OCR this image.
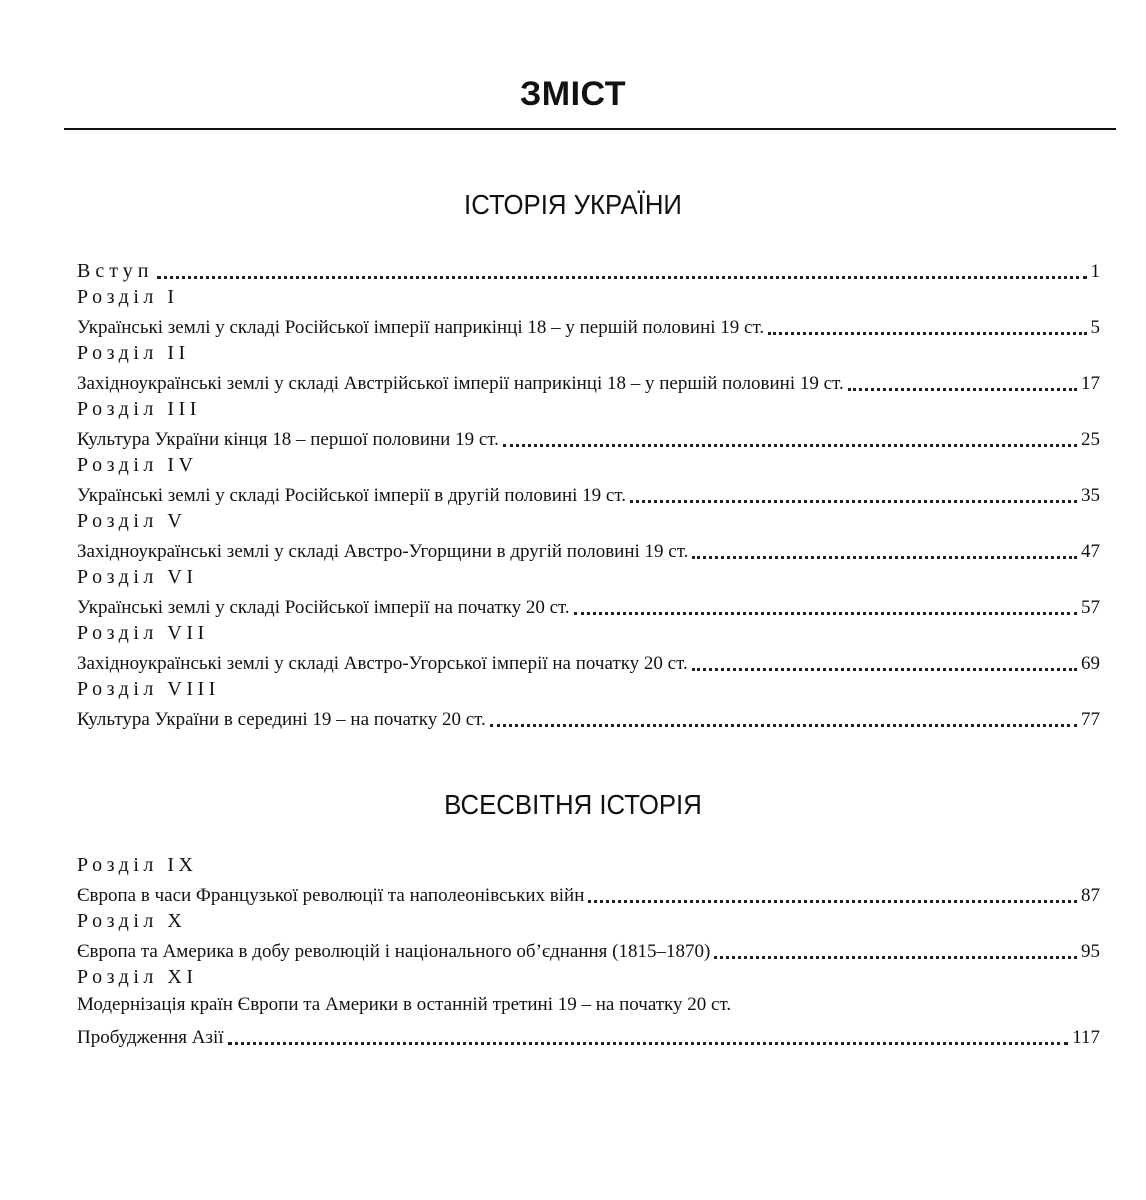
ЗМІСТ
ІСТОРІЯ УКРАЇНИ
Вступ	1
Розділ І
Українські землі у складі Російської імперії наприкінці 18 – у першій половині 19 ст.	5
Розділ ІІ
Західноукраїнські землі у складі Австрійської імперії наприкінці 18 – у першій половині 19 ст.	17
Розділ ІІІ
Культура України кінця 18 – першої половини 19 ст.	25
Розділ IV
Українські землі у складі Російської імперії в другій половині 19 ст.	35
Розділ V
Західноукраїнські землі у складі Австро-Угорщини в другій половині 19 ст.	47
Розділ VI
Українські землі у складі Російської імперії на початку 20 ст.	57
Розділ VII
Західноукраїнські землі у складі Австро-Угорської імперії на початку 20 ст.	69
Розділ VIII
Культура України в середині 19 – на початку 20 ст.	77
ВСЕСВІТНЯ ІСТОРІЯ
Розділ IX
Європа в часи Французької революції та наполеонівських війн	87
Розділ X
Європа та Америка в добу революцій і національного об’єднання (1815–1870)	95
Розділ XI
Модернізація країн Європи та Америки в останній третині 19 – на початку 20 ст.
Пробудження Азії	117
